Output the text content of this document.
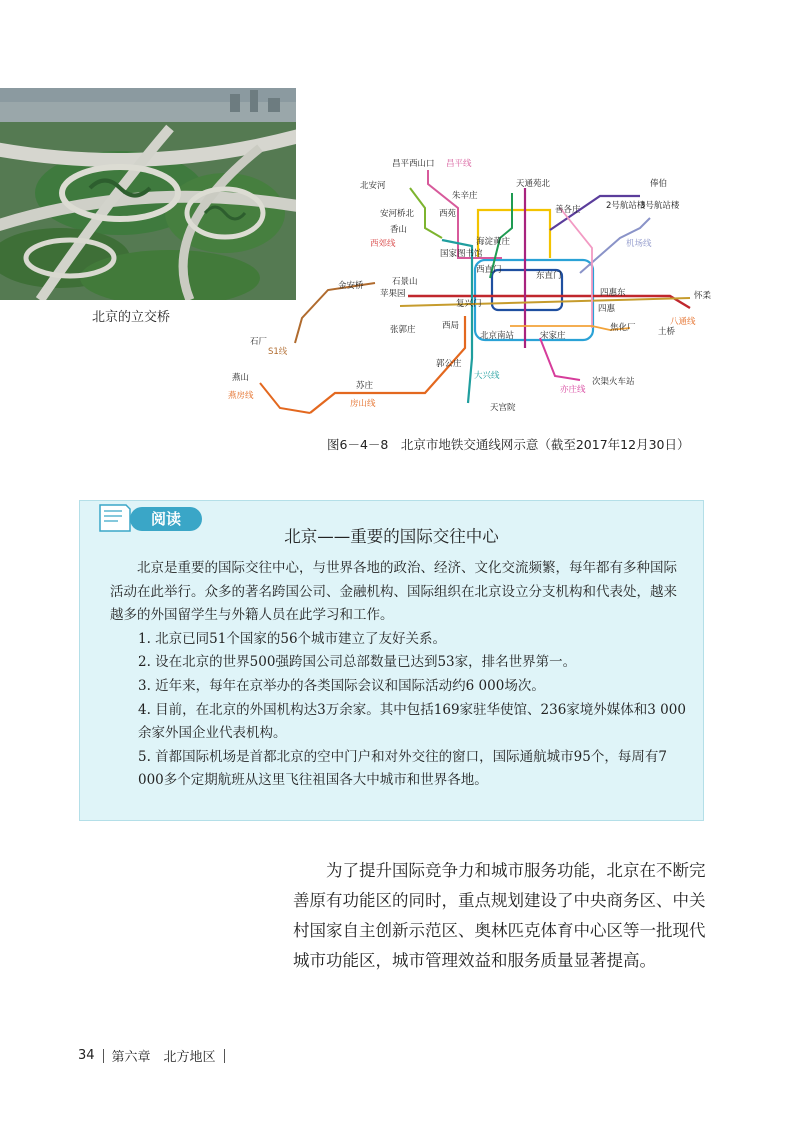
北京的立交桥
昌平西山口 昌平线
北安河
朱辛庄
天通苑北
善各庄
西苑
安河桥北
香山
西郊线	海淀黄庄
国家图书馆
西直门
东直门
金安桥	石景山
苹果园
复兴门
四惠东
四惠
怀柔
八通线
焦化厂	土桥
石厂
S1线
张郭庄	西局
北京南站	宋家庄
郭公庄
大兴线
天宫院
燕山
燕房线
苏庄
房山线
次渠火车站
亦庄线
2号航站楼
3号航站楼
机场线
俸伯
图6－4－8　北京市地铁交通线网示意（截至2017年12月30日）
阅读
北京——重要的国际交往中心

北京是重要的国际交往中心，与世界各地的政治、经济、文化交流频繁，每年都有多种国际活动在此举行。众多的著名跨国公司、金融机构、国际组织在北京设立分支机构和代表处，越来越多的外国留学生与外籍人员在此学习和工作。

1. 北京已同51个国家的56个城市建立了友好关系。

2. 设在北京的世界500强跨国公司总部数量已达到53家，排名世界第一。

3. 近年来，每年在京举办的各类国际会议和国际活动约6 000场次。

4. 目前，在北京的外国机构达3万余家。其中包括169家驻华使馆、236家境外媒体和3 000余家外国企业代表机构。

5. 首都国际机场是首都北京的空中门户和对外交往的窗口，国际通航城市95个，每周有7 000多个定期航班从这里飞往祖国各大中城市和世界各地。

为了提升国际竞争力和城市服务功能，北京在不断完善原有功能区的同时，重点规划建设了中央商务区、中关村国家自主创新示范区、奥林匹克体育中心区等一批现代城市功能区，城市管理效益和服务质量显著提高。

34 第六章　北方地区
